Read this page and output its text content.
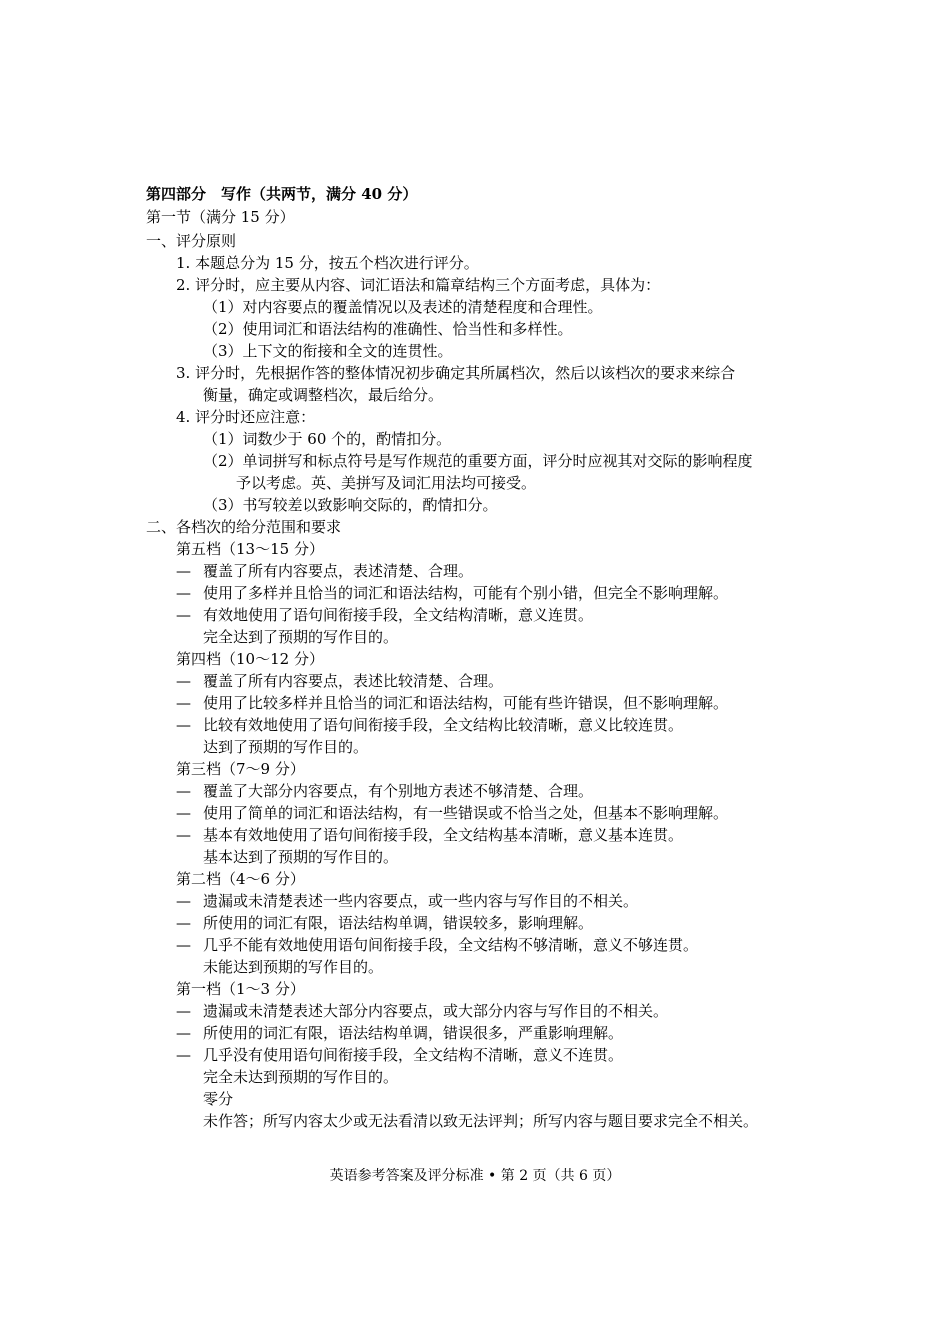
第四部分　写作（共两节，满分 40 分）
第一节（满分 15 分）
一、评分原则
1. 本题总分为 15 分，按五个档次进行评分。
2. 评分时，应主要从内容、词汇语法和篇章结构三个方面考虑，具体为：
（1）对内容要点的覆盖情况以及表述的清楚程度和合理性。
（2）使用词汇和语法结构的准确性、恰当性和多样性。
（3）上下文的衔接和全文的连贯性。
3. 评分时，先根据作答的整体情况初步确定其所属档次，然后以该档次的要求来综合
衡量，确定或调整档次，最后给分。
4. 评分时还应注意：
（1）词数少于 60 个的，酌情扣分。
（2）单词拼写和标点符号是写作规范的重要方面，评分时应视其对交际的影响程度
予以考虑。英、美拼写及词汇用法均可接受。
（3）书写较差以致影响交际的，酌情扣分。
二、各档次的给分范围和要求
第五档（13～15 分）
— 覆盖了所有内容要点，表述清楚、合理。
— 使用了多样并且恰当的词汇和语法结构，可能有个别小错，但完全不影响理解。
— 有效地使用了语句间衔接手段，全文结构清晰，意义连贯。
完全达到了预期的写作目的。
第四档（10～12 分）
— 覆盖了所有内容要点，表述比较清楚、合理。
— 使用了比较多样并且恰当的词汇和语法结构，可能有些许错误，但不影响理解。
— 比较有效地使用了语句间衔接手段，全文结构比较清晰，意义比较连贯。
达到了预期的写作目的。
第三档（7～9 分）
— 覆盖了大部分内容要点，有个别地方表述不够清楚、合理。
— 使用了简单的词汇和语法结构，有一些错误或不恰当之处，但基本不影响理解。
— 基本有效地使用了语句间衔接手段，全文结构基本清晰，意义基本连贯。
基本达到了预期的写作目的。
第二档（4～6 分）
— 遗漏或未清楚表述一些内容要点，或一些内容与写作目的不相关。
— 所使用的词汇有限，语法结构单调，错误较多，影响理解。
— 几乎不能有效地使用语句间衔接手段，全文结构不够清晰，意义不够连贯。
未能达到预期的写作目的。
第一档（1～3 分）
— 遗漏或未清楚表述大部分内容要点，或大部分内容与写作目的不相关。
— 所使用的词汇有限，语法结构单调，错误很多，严重影响理解。
— 几乎没有使用语句间衔接手段，全文结构不清晰，意义不连贯。
完全未达到预期的写作目的。
零分
未作答；所写内容太少或无法看清以致无法评判；所写内容与题目要求完全不相关。
英语参考答案及评分标准 • 第 2 页（共 6 页）
